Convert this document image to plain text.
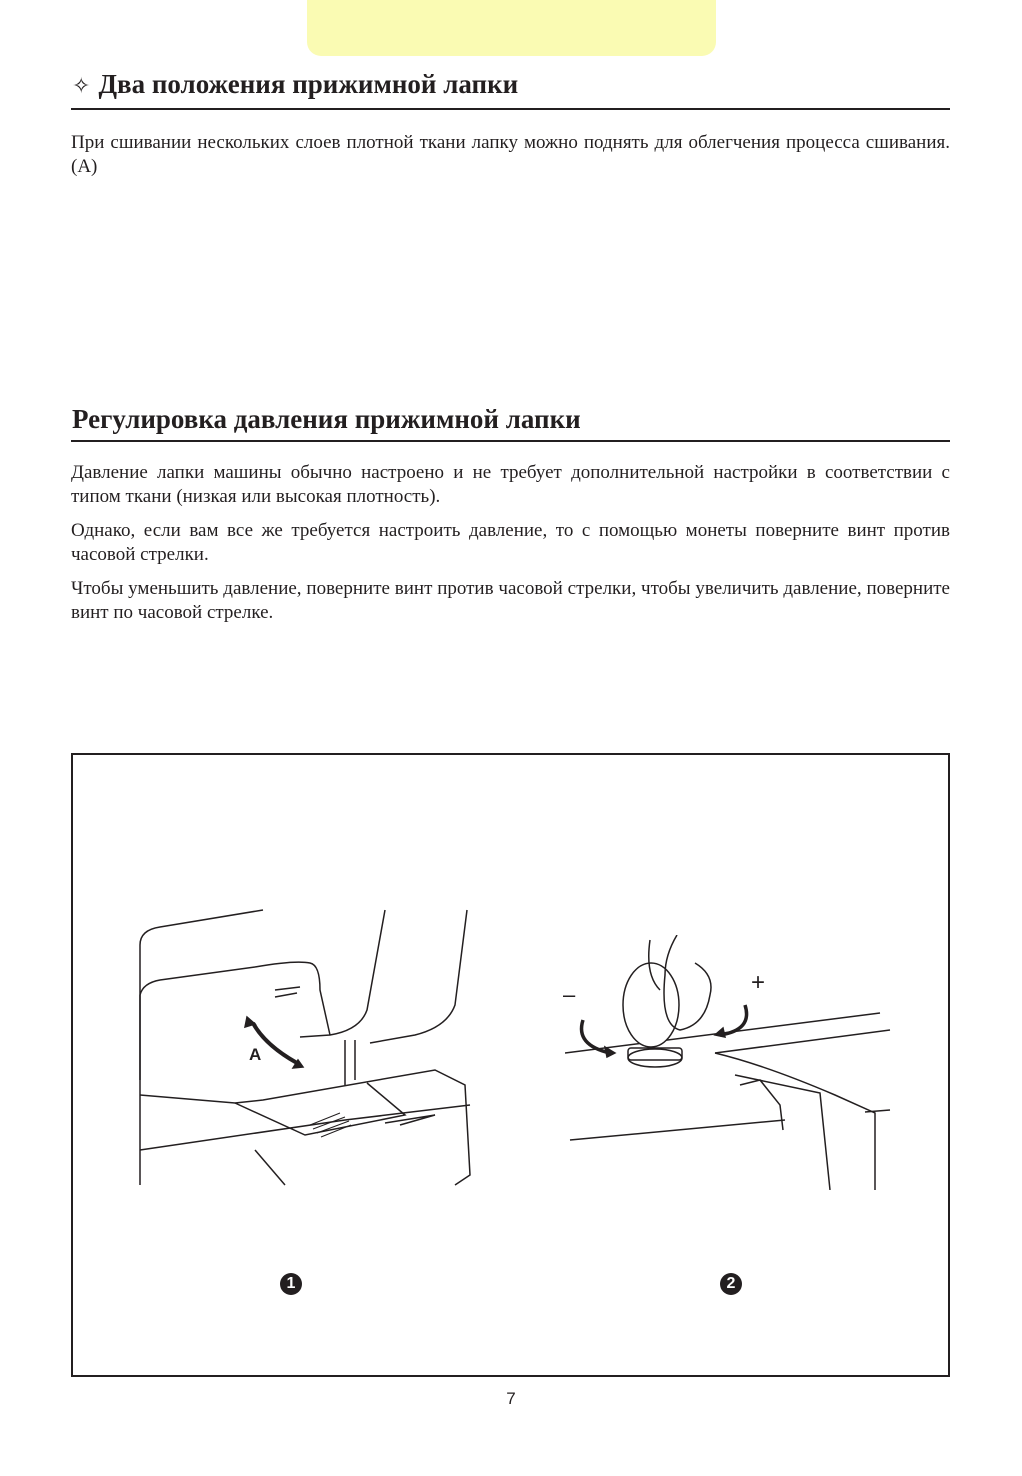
✧ Два положения прижимной лапки
При сшивании нескольких слоев плотной ткани лапку можно поднять для облегчения процесса сшивания. (A)
Регулировка давления прижимной лапки
Давление лапки машины обычно настроено и не требует дополнительной настройки в соответствии с типом ткани (низкая или высокая плотность).
Однако, если вам все же требуется настроить давление, то с помощью монеты поверните винт против часовой стрелки.
Чтобы уменьшить давление, поверните винт против часовой стрелки, чтобы увеличить давление, поверните винт по часовой стрелке.
A
–	+
1	2
7
